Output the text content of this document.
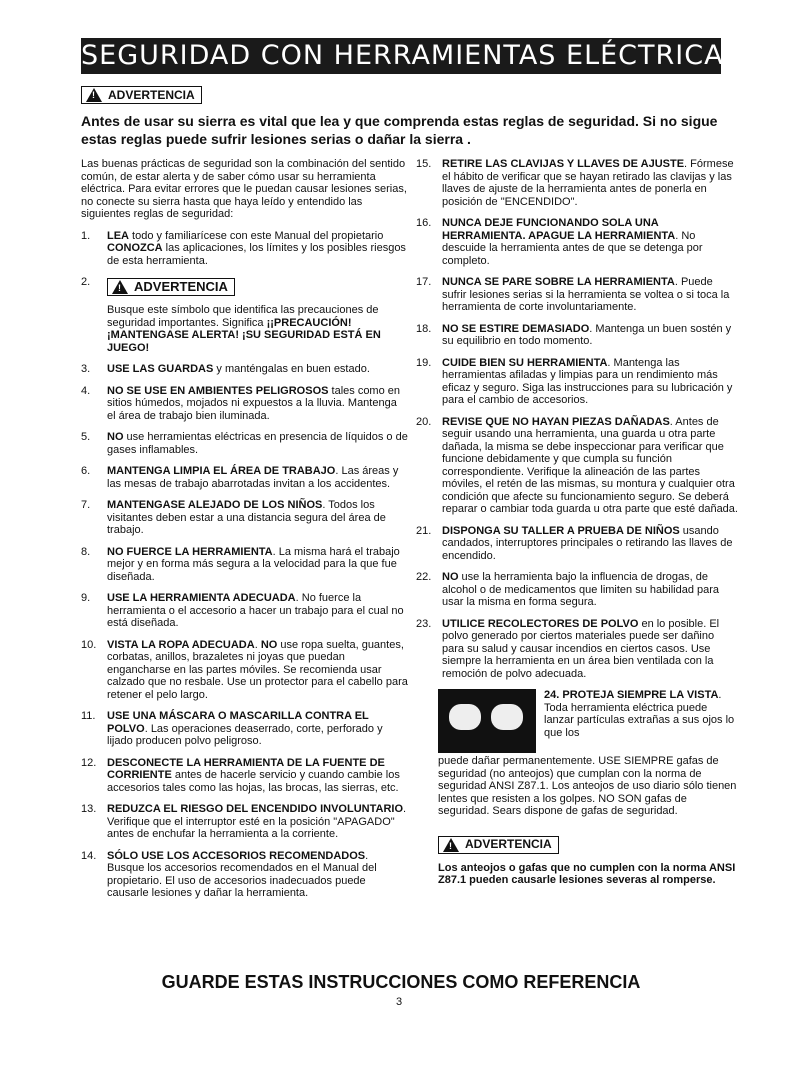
SEGURIDAD CON HERRAMIENTAS ELÉCTRICAS
!
ADVERTENCIA
Antes de usar su sierra es vital que lea y que comprenda estas reglas de seguridad. Si no sigue estas reglas puede sufrir lesiones serias o dañar la sierra .

Las buenas prácticas de seguridad son la combinación del sentido común, de estar alerta y de saber cómo usar su herramienta eléctrica. Para evitar errores que le puedan causar lesiones serias, no conecte su sierra hasta que haya leído y entendido las siguientes reglas de seguridad:

1.	LEA todo y familiarícese con este Manual del propietario CONOZCA las aplicaciones, los límites y los posibles riesgos de esta herramienta.
2.
!	ADVERTENCIA

Busque este símbolo que identifica las precauciones de seguridad importantes. Significa ¡¡PRECAUCIÓN! ¡MANTENGASE ALERTA! ¡SU SEGURIDAD ESTÁ EN JUEGO!
3.	USE LAS GUARDAS y manténgalas en buen estado.
4.	NO SE USE EN AMBIENTES PELIGROSOS tales como en sitios húmedos, mojados ni expuestos a la lluvia. Mantenga el área de trabajo bien iluminada.
5.	NO use herramientas eléctricas en presencia de líquidos o de gases inflamables.
6.	MANTENGA LIMPIA EL ÁREA DE TRABAJO. Las áreas y las mesas de trabajo abarrotadas invitan a los accidentes.
7.	MANTENGASE ALEJADO DE LOS NIÑOS. Todos los visitantes deben estar a una distancia segura del área de trabajo.
8.	NO FUERCE LA HERRAMIENTA. La misma hará el trabajo mejor y en forma más segura a la velocidad para la que fue diseñada.
9.	USE LA HERRAMIENTA ADECUADA. No fuerce la herramienta o el accesorio a hacer un trabajo para el cual no está diseñada.
10. VISTA LA ROPA ADECUADA. NO use ropa suelta, guantes, corbatas, anillos, brazaletes ni joyas que puedan engancharse en las partes móviles. Se recomienda usar calzado que no resbale. Use un protector para el cabello para retener el pelo largo.
11.	USE UNA MÁSCARA O MASCARILLA CONTRA EL POLVO. Las operaciones deaserrado, corte, perforado y lijado producen polvo peligroso.
12. DESCONECTE LA HERRAMIENTA DE LA FUENTE DE CORRIENTE antes de hacerle servicio y cuando cambie los accesorios tales como las hojas, las brocas, las sierras, etc.
13. REDUZCA EL RIESGO DEL ENCENDIDO INVOLUNTARIO. Verifique que el interruptor esté en la posición "APAGADO" antes de enchufar la herramienta a la corriente.
14. SÓLO USE LOS ACCESORIOS RECOMENDADOS. Busque los accesorios recomendados en el Manual del propietario. El uso de accesorios inadecuados puede causarle lesiones y dañar la herramienta.
15. RETIRE LAS CLAVIJAS Y LLAVES DE AJUSTE. Fórmese el hábito de verificar que se hayan retirado las clavijas y las llaves de ajuste de la herramienta antes de ponerla en posición de "ENCENDIDO".
16. NUNCA DEJE FUNCIONANDO SOLA UNA HERRAMIENTA. APAGUE LA HERRAMIENTA. No descuide la herramienta antes de que se detenga por completo.
17. NUNCA SE PARE SOBRE LA HERRAMIENTA. Puede sufrir lesiones serias si la herramienta se voltea o si toca la herramienta de corte involuntariamente.
18. NO SE ESTIRE DEMASIADO. Mantenga un buen sostén y su equilibrio en todo momento.
19. CUIDE BIEN SU HERRAMIENTA. Mantenga las herramientas afiladas y limpias para un rendimiento más eficaz y seguro. Siga las instrucciones para su lubricación y para el cambio de accesorios.
20. REVISE QUE NO HAYAN PIEZAS DAÑADAS. Antes de seguir usando una herramienta, una guarda u otra parte dañada, la misma se debe inspeccionar para verificar que funcione debidamente y que cumpla su función correspondiente. Verifique la alineación de las partes móviles, el retén de las mismas, su montura y cualquier otra condición que afecte su funcionamiento seguro. Se deberá reparar o cambiar toda guarda u otra parte que esté dañada.
21. DISPONGA SU TALLER A PRUEBA DE NIÑOS usando candados, interruptores principales o retirando las llaves de encendido.
22. NO use la herramienta bajo la influencia de drogas, de alcohol o de medicamentos que limiten su habilidad para usar la misma en forma segura.
23. UTILICE RECOLECTORES DE POLVO en lo posible. El polvo generado por ciertos materiales puede ser dañino para su salud y causar incendios en ciertos casos. Use siempre la herramienta en un área bien ventilada con la remoción de polvo adecuada.
24. PROTEJA SIEMPRE LA VISTA. Toda herramienta eléctrica puede lanzar partículas extrañas a sus ojos lo que los
puede dañar permanentemente. USE SIEMPRE gafas de seguridad (no anteojos) que cumplan con la norma de seguridad ANSI Z87.1. Los anteojos de uso diario sólo tienen lentes que resisten a los golpes. NO SON gafas de seguridad. Sears dispone de gafas de seguridad.
!
ADVERTENCIA
Los anteojos o gafas que no cumplen con la norma ANSI Z87.1 pueden causarle lesiones severas al romperse.
GUARDE ESTAS INSTRUCCIONES COMO REFERENCIA
3
